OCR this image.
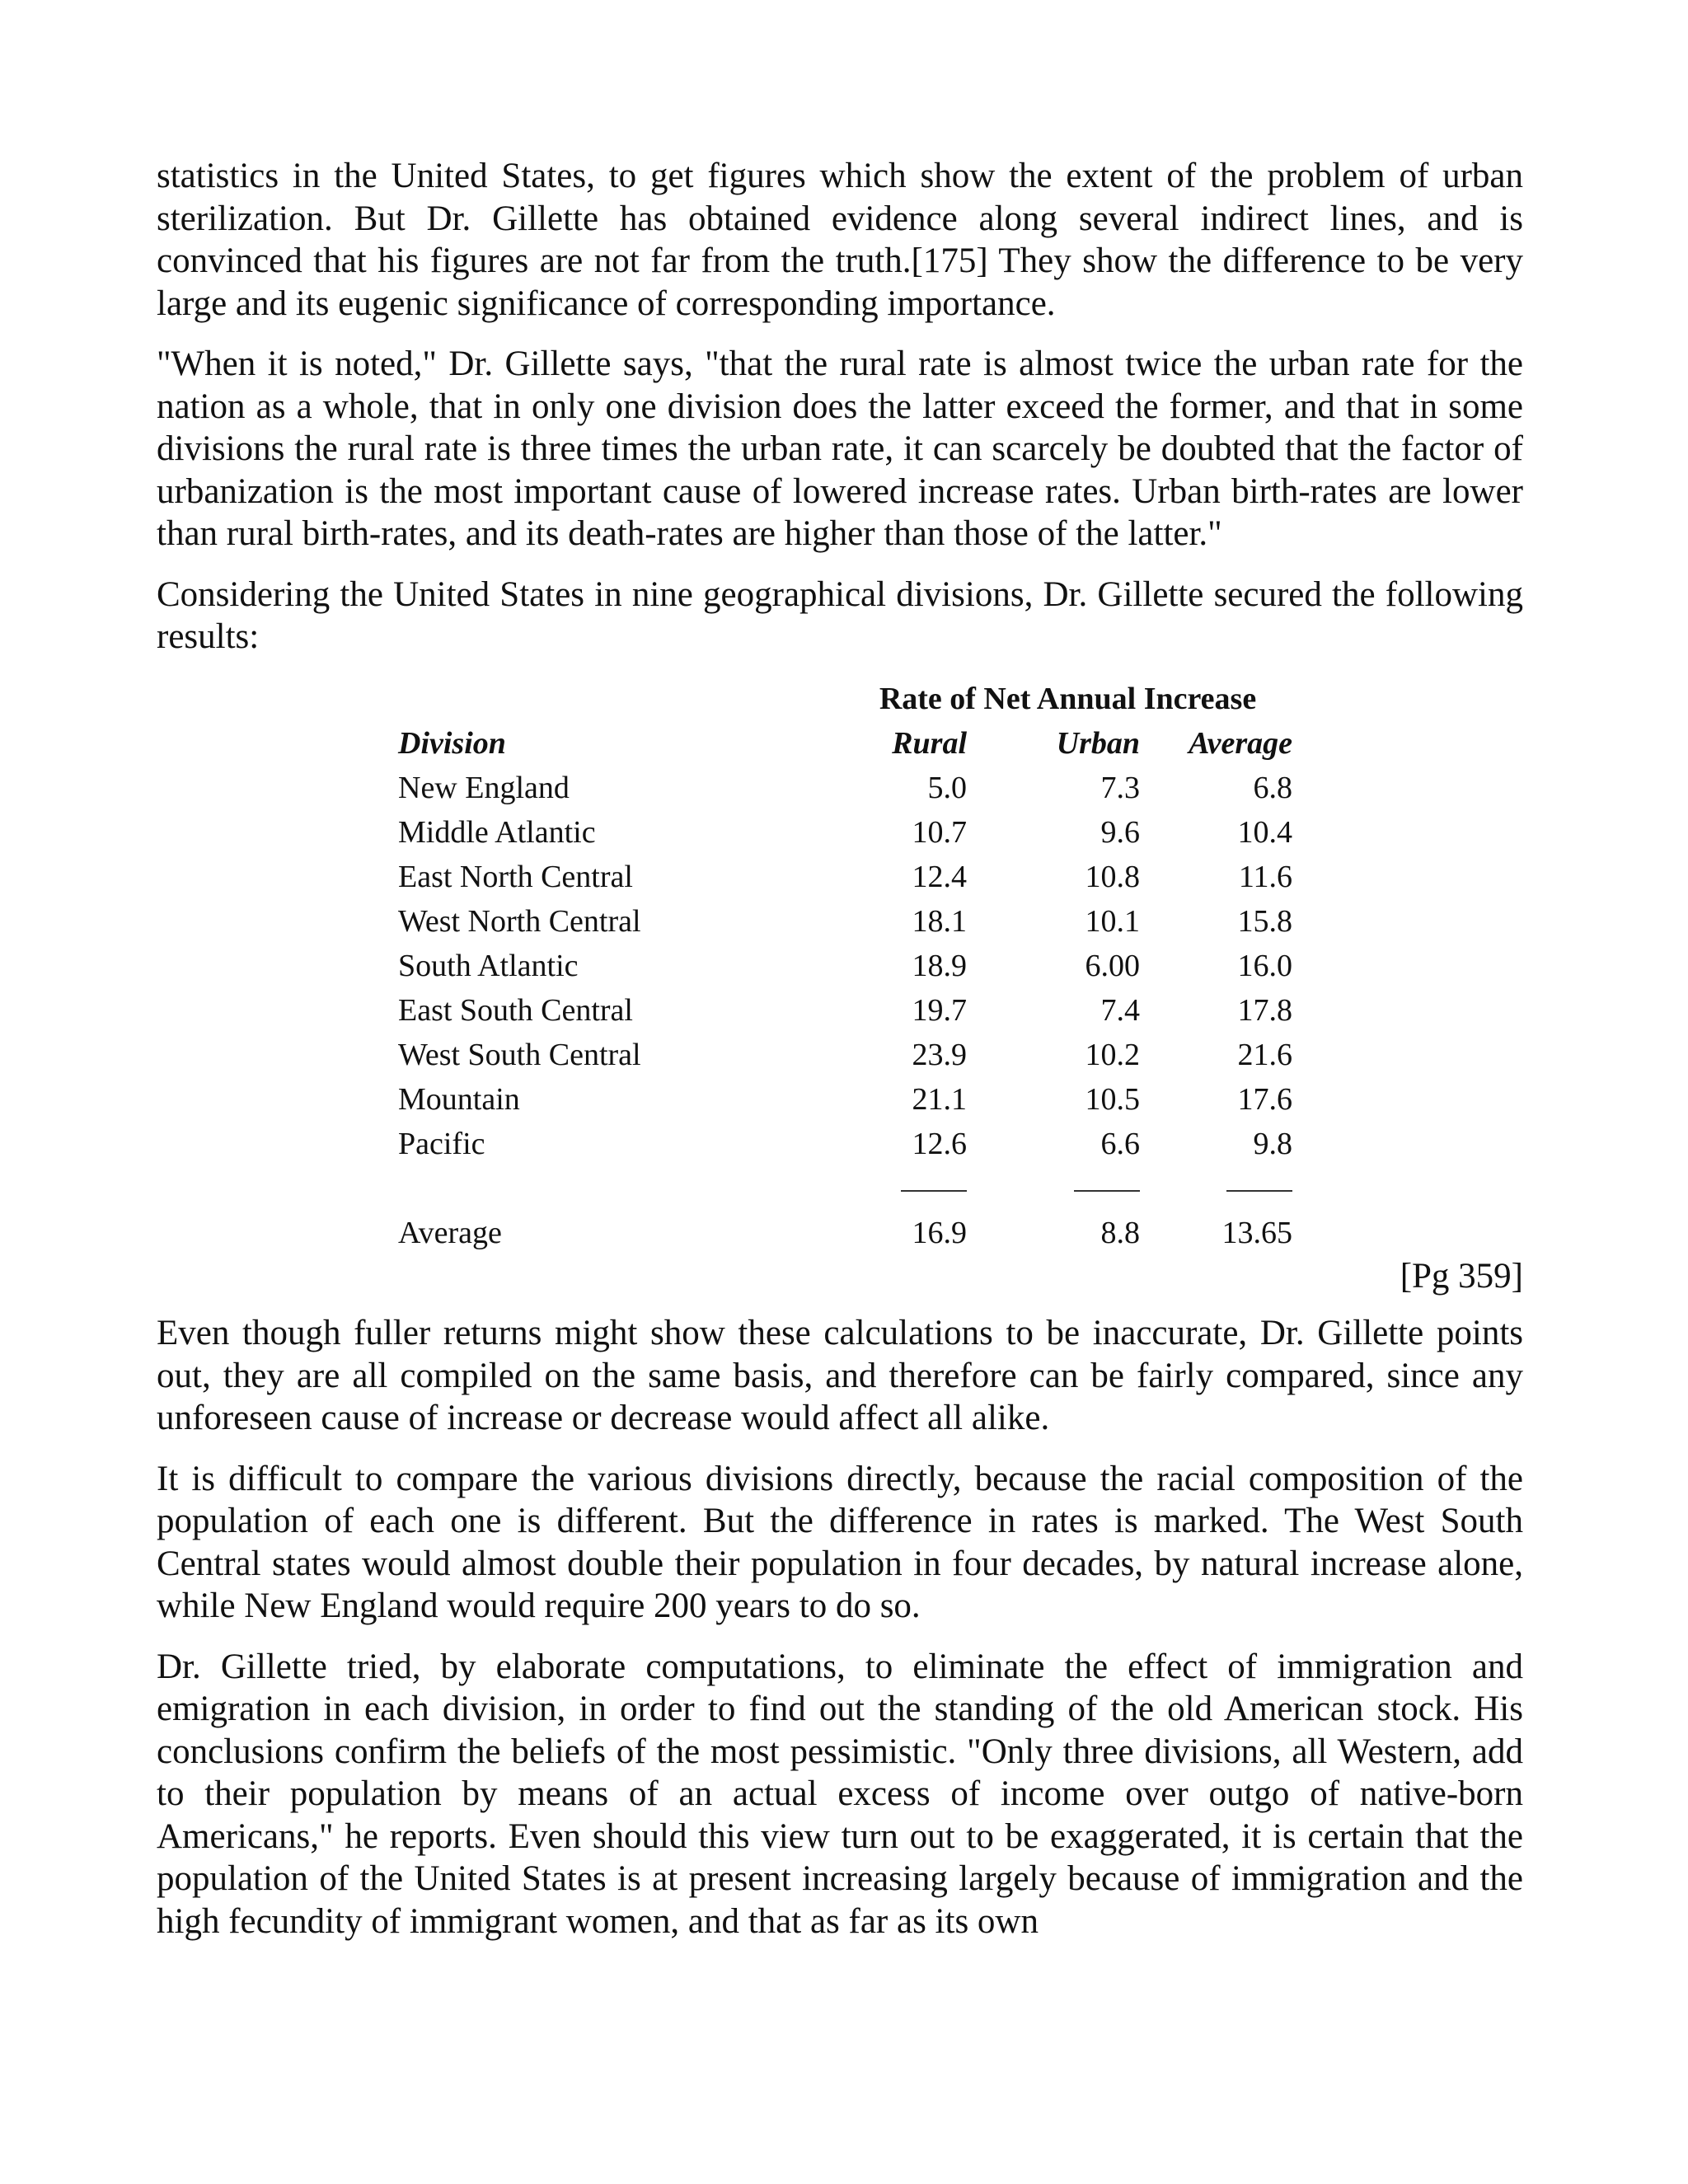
statistics in the United States, to get figures which show the extent of the problem of urban sterilization. But Dr. Gillette has obtained evidence along several indirect lines, and is convinced that his figures are not far from the truth.[175] They show the difference to be very large and its eugenic significance of corresponding importance.

"When it is noted," Dr. Gillette says, "that the rural rate is almost twice the urban rate for the nation as a whole, that in only one division does the latter exceed the former, and that in some divisions the rural rate is three times the urban rate, it can scarcely be doubted that the factor of urbanization is the most important cause of lowered increase rates. Urban birth-rates are lower than rural birth-rates, and its death-rates are higher than those of the latter."

Considering the United States in nine geographical divisions, Dr. Gillette secured the following results:

	Rate of Net Annual Increase		
Division	Rural	Urban	Average
New England	5.0	7.3	6.8
Middle Atlantic	10.7	9.6	10.4
East North Central	12.4	10.8	11.6
West North Central	18.1	10.1	15.8
South Atlantic	18.9	6.00	16.0
East South Central	19.7	7.4	17.8
West South Central	23.9	10.2	21.6
Mountain	21.1	10.5	17.6
Pacific	12.6	6.6	9.8

Average	16.9	8.8	13.65
[Pg 359]

Even though fuller returns might show these calculations to be inaccurate, Dr. Gillette points out, they are all compiled on the same basis, and therefore can be fairly compared, since any unforeseen cause of increase or decrease would affect all alike.

It is difficult to compare the various divisions directly, because the racial composition of the population of each one is different. But the difference in rates is marked. The West South Central states would almost double their population in four decades, by natural increase alone, while New England would require 200 years to do so.

Dr. Gillette tried, by elaborate computations, to eliminate the effect of immigration and emigration in each division, in order to find out the standing of the old American stock. His conclusions confirm the beliefs of the most pessimistic. "Only three divisions, all Western, add to their population by means of an actual excess of income over outgo of native-born Americans," he reports. Even should this view turn out to be exaggerated, it is certain that the population of the United States is at present increasing largely because of immigration and the high fecundity of immigrant women, and that as far as its own
